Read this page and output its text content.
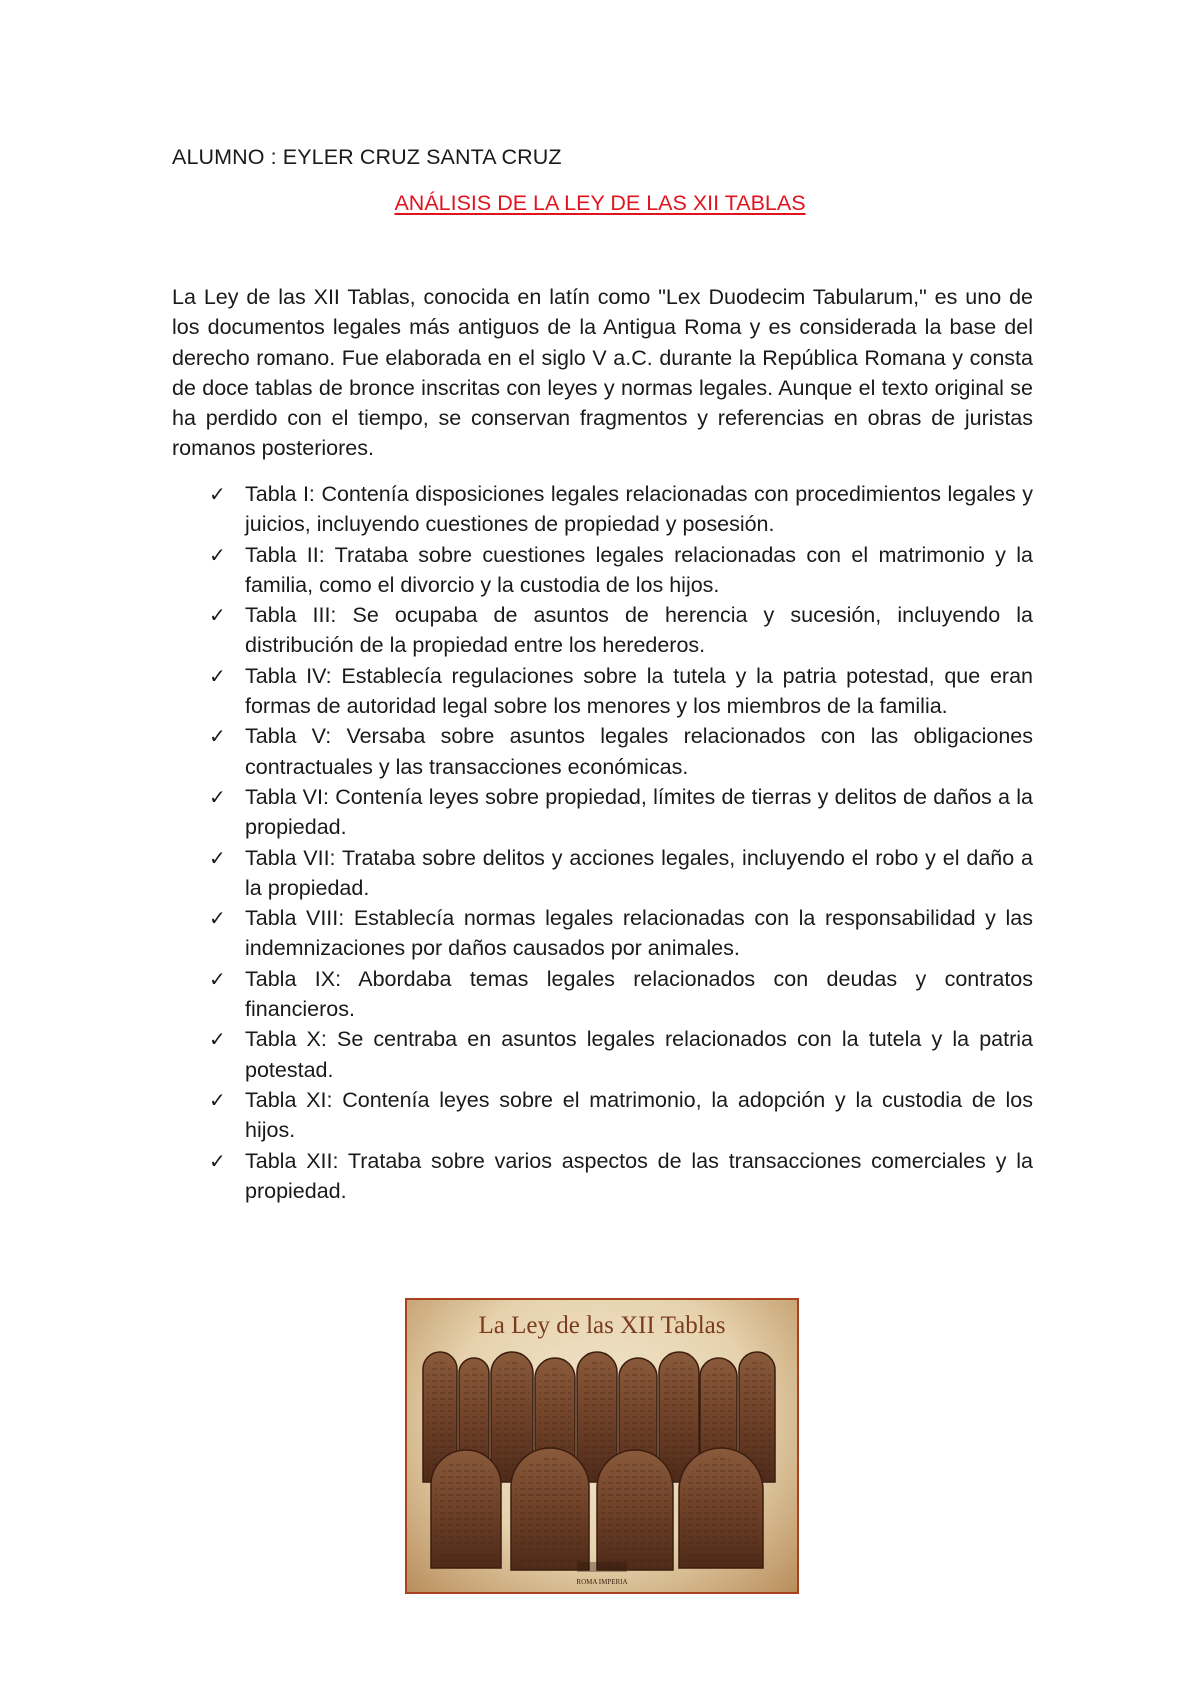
ALUMNO : EYLER CRUZ SANTA CRUZ
ANÁLISIS DE LA LEY DE LAS XII TABLAS

La Ley de las XII Tablas, conocida en latín como "Lex Duodecim Tabularum," es uno de los documentos legales más antiguos de la Antigua Roma y es considerada la base del derecho romano. Fue elaborada en el siglo V a.C. durante la República Romana y consta de doce tablas de bronce inscritas con leyes y normas legales. Aunque el texto original se ha perdido con el tiempo, se conservan fragmentos y referencias en obras de juristas romanos posteriores.

✓ Tabla I: Contenía disposiciones legales relacionadas con procedimientos legales y juicios, incluyendo cuestiones de propiedad y posesión.
✓ Tabla II: Trataba sobre cuestiones legales relacionadas con el matrimonio y la familia, como el divorcio y la custodia de los hijos.
✓ Tabla III: Se ocupaba de asuntos de herencia y sucesión, incluyendo la distribución de la propiedad entre los herederos.
✓ Tabla IV: Establecía regulaciones sobre la tutela y la patria potestad, que eran formas de autoridad legal sobre los menores y los miembros de la familia.
✓ Tabla V: Versaba sobre asuntos legales relacionados con las obligaciones contractuales y las transacciones económicas.
✓ Tabla VI: Contenía leyes sobre propiedad, límites de tierras y delitos de daños a la propiedad.
✓ Tabla VII: Trataba sobre delitos y acciones legales, incluyendo el robo y el daño a la propiedad.
✓ Tabla VIII: Establecía normas legales relacionadas con la responsabilidad y las indemnizaciones por daños causados por animales.
✓ Tabla IX: Abordaba temas legales relacionados con deudas y contratos financieros.
✓ Tabla X: Se centraba en asuntos legales relacionados con la tutela y la patria potestad.
✓ Tabla XI: Contenía leyes sobre el matrimonio, la adopción y la custodia de los hijos.
✓ Tabla XII: Trataba sobre varios aspectos de las transacciones comerciales y la propiedad.
La Ley de las XII Tablas
ROMA IMPERIA
